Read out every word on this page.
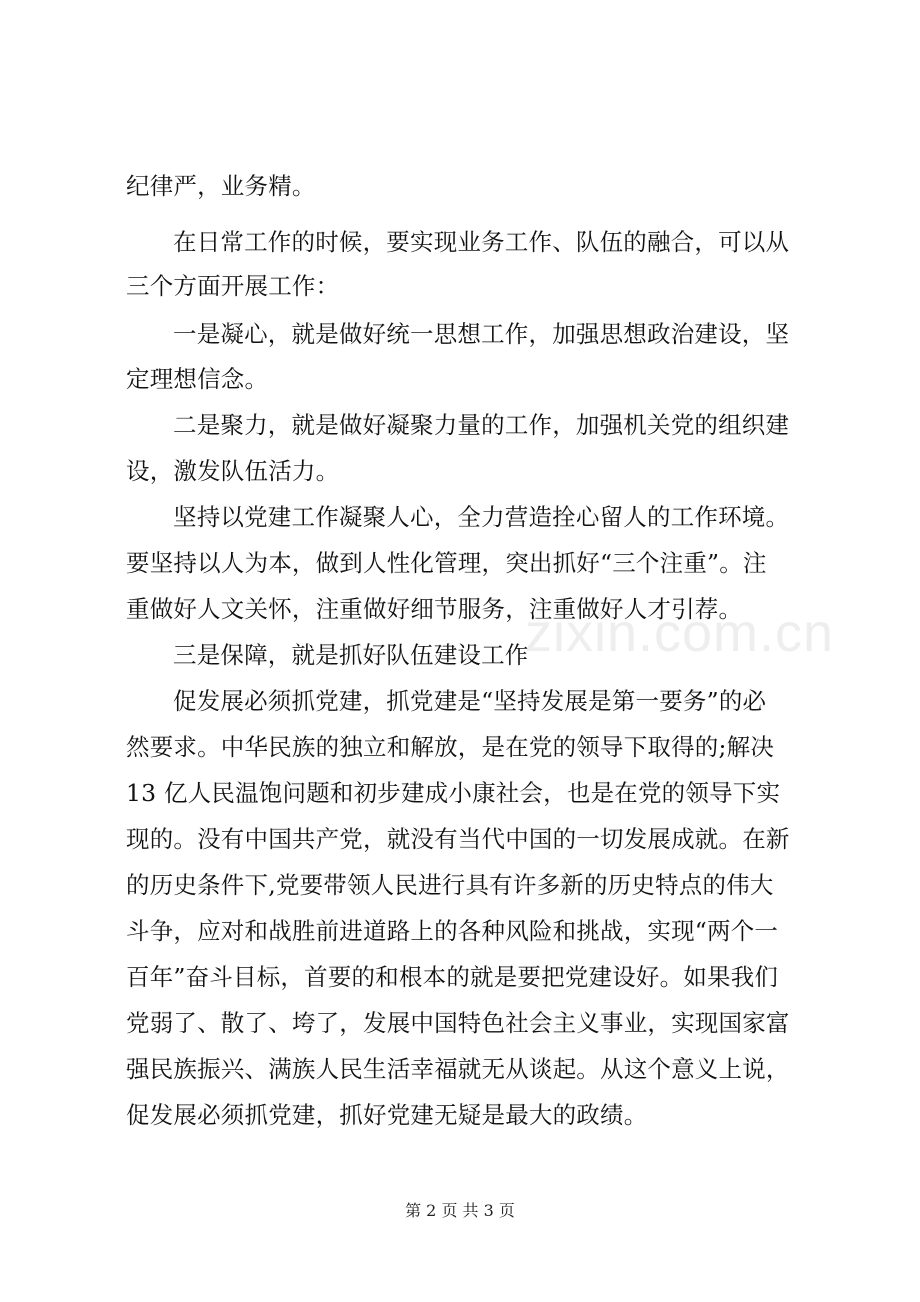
zixin.com.cn
纪律严，业务精。
在日常工作的时候，要实现业务工作、队伍的融合，可以从
三个方面开展工作：
一是凝心，就是做好统一思想工作，加强思想政治建设，坚
定理想信念。
二是聚力，就是做好凝聚力量的工作，加强机关党的组织建
设，激发队伍活力。
坚持以党建工作凝聚人心，全力营造拴心留人的工作环境。
要坚持以人为本，做到人性化管理，突出抓好“三个注重”。注
重做好人文关怀，注重做好细节服务，注重做好人才引荐。
三是保障，就是抓好队伍建设工作
促发展必须抓党建，抓党建是“坚持发展是第一要务”的必
然要求。中华民族的独立和解放，是在党的领导下取得的;解决
13 亿人民温饱问题和初步建成小康社会，也是在党的领导下实
现的。没有中国共产党，就没有当代中国的一切发展成就。在新
的历史条件下,党要带领人民进行具有许多新的历史特点的伟大
斗争，应对和战胜前进道路上的各种风险和挑战，实现“两个一
百年”奋斗目标，首要的和根本的就是要把党建设好。如果我们
党弱了、散了、垮了，发展中国特色社会主义事业，实现国家富
强民族振兴、满族人民生活幸福就无从谈起。从这个意义上说，
促发展必须抓党建，抓好党建无疑是最大的政绩。
第 2 页 共 3 页
